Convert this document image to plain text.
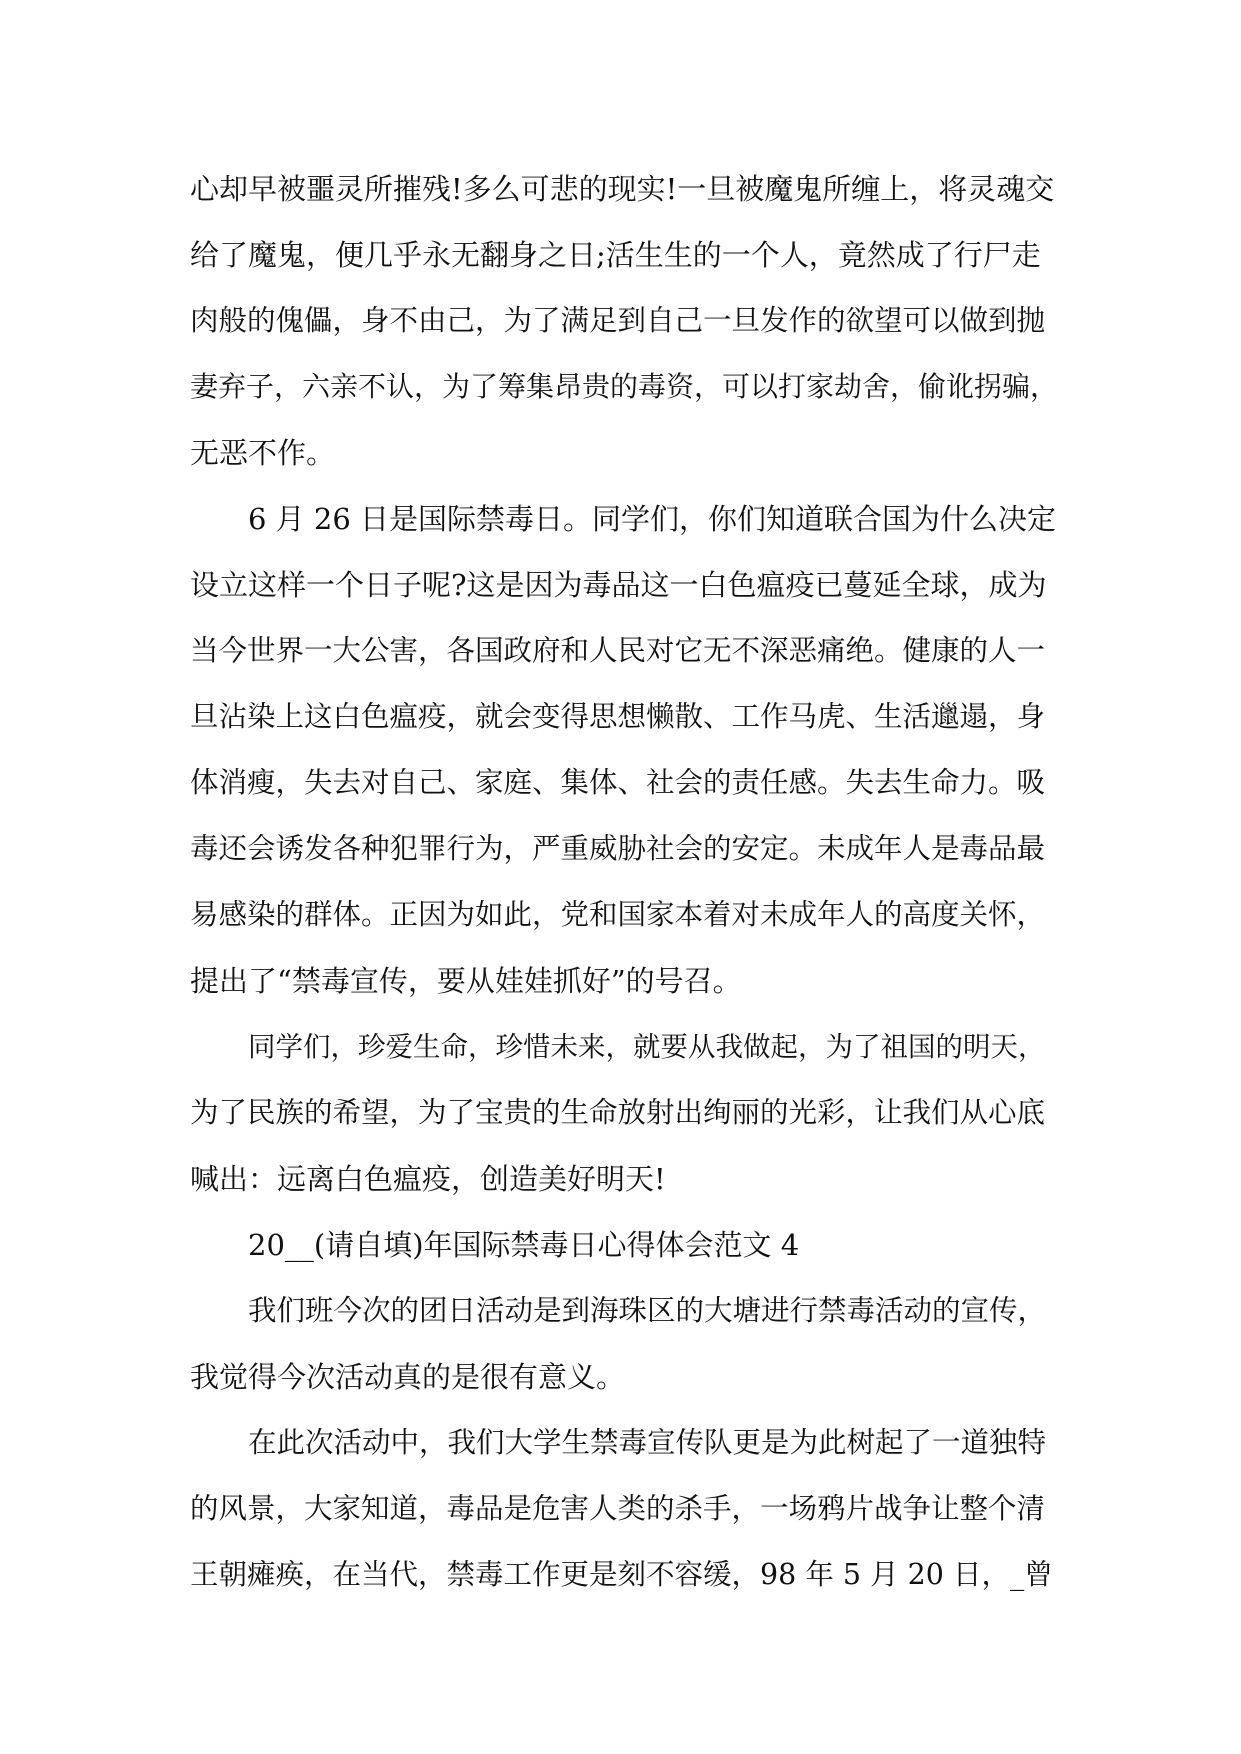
心却早被噩灵所摧残!多么可悲的现实!一旦被魔鬼所缠上，将灵魂交
给了魔鬼，便几乎永无翻身之日;活生生的一个人，竟然成了行尸走
肉般的傀儡，身不由己，为了满足到自己一旦发作的欲望可以做到抛
妻弃子，六亲不认，为了筹集昂贵的毒资，可以打家劫舍，偷讹拐骗，
无恶不作。
6 月 26 日是国际禁毒日。同学们，你们知道联合国为什么决定
设立这样一个日子呢?这是因为毒品这一白色瘟疫已蔓延全球，成为
当今世界一大公害，各国政府和人民对它无不深恶痛绝。健康的人一
旦沾染上这白色瘟疫，就会变得思想懒散、工作马虎、生活邋遢，身
体消瘦，失去对自己、家庭、集体、社会的责任感。失去生命力。吸
毒还会诱发各种犯罪行为，严重威胁社会的安定。未成年人是毒品最
易感染的群体。正因为如此，党和国家本着对未成年人的高度关怀，
提出了“禁毒宣传，要从娃娃抓好”的号召。
同学们，珍爱生命，珍惜未来，就要从我做起，为了祖国的明天，
为了民族的希望，为了宝贵的生命放射出绚丽的光彩，让我们从心底
喊出：远离白色瘟疫，创造美好明天!
20__(请自填)年国际禁毒日心得体会范文 4
我们班今次的团日活动是到海珠区的大塘进行禁毒活动的宣传，
我觉得今次活动真的是很有意义。
在此次活动中，我们大学生禁毒宣传队更是为此树起了一道独特
的风景，大家知道，毒品是危害人类的杀手，一场鸦片战争让整个清
王朝瘫痪，在当代，禁毒工作更是刻不容缓，98 年 5 月 20 日，_曾
